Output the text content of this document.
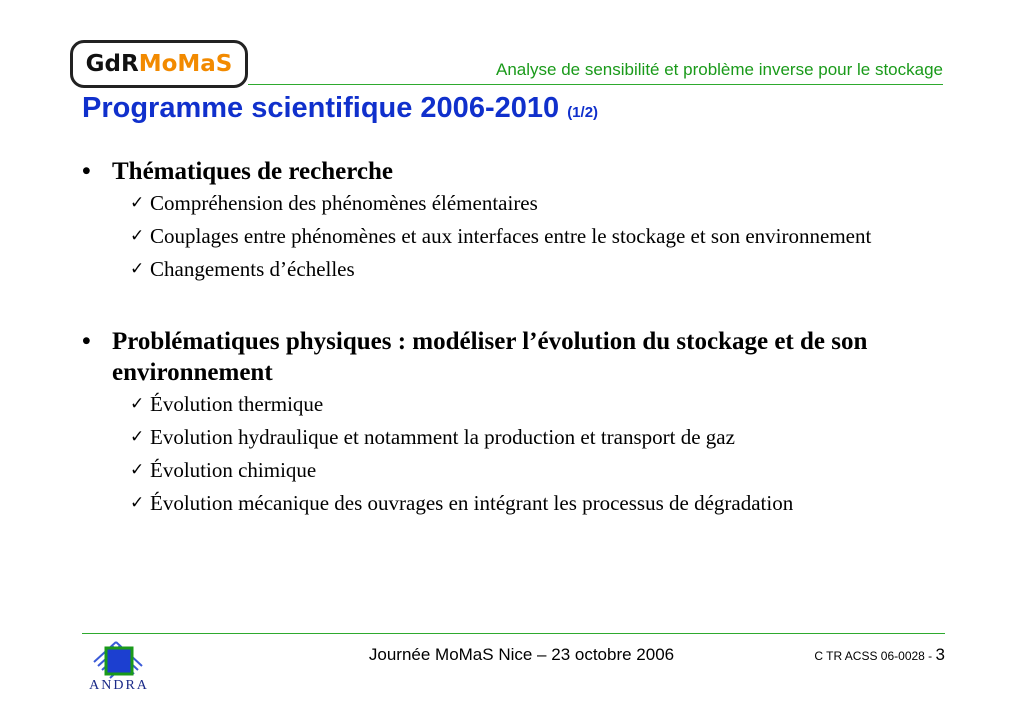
GdR MoMaS	Analyse de sensibilité et problème inverse pour le stockage
Programme scientifique 2006-2010 (1/2)
• Thématiques de recherche
✓ Compréhension des phénomènes élémentaires
✓ Couplages entre phénomènes et aux interfaces entre le stockage et son environnement
✓ Changements d’échelles
• Problématiques physiques : modéliser l’évolution du stockage et de son environnement
✓ Évolution thermique
✓ Evolution hydraulique et notamment la production et transport de gaz
✓ Évolution chimique
✓ Évolution mécanique des ouvrages en intégrant les processus de dégradation
ANDRA
Journée MoMaS Nice – 23 octobre 2006	C TR ACSS 06-0028 - 3
